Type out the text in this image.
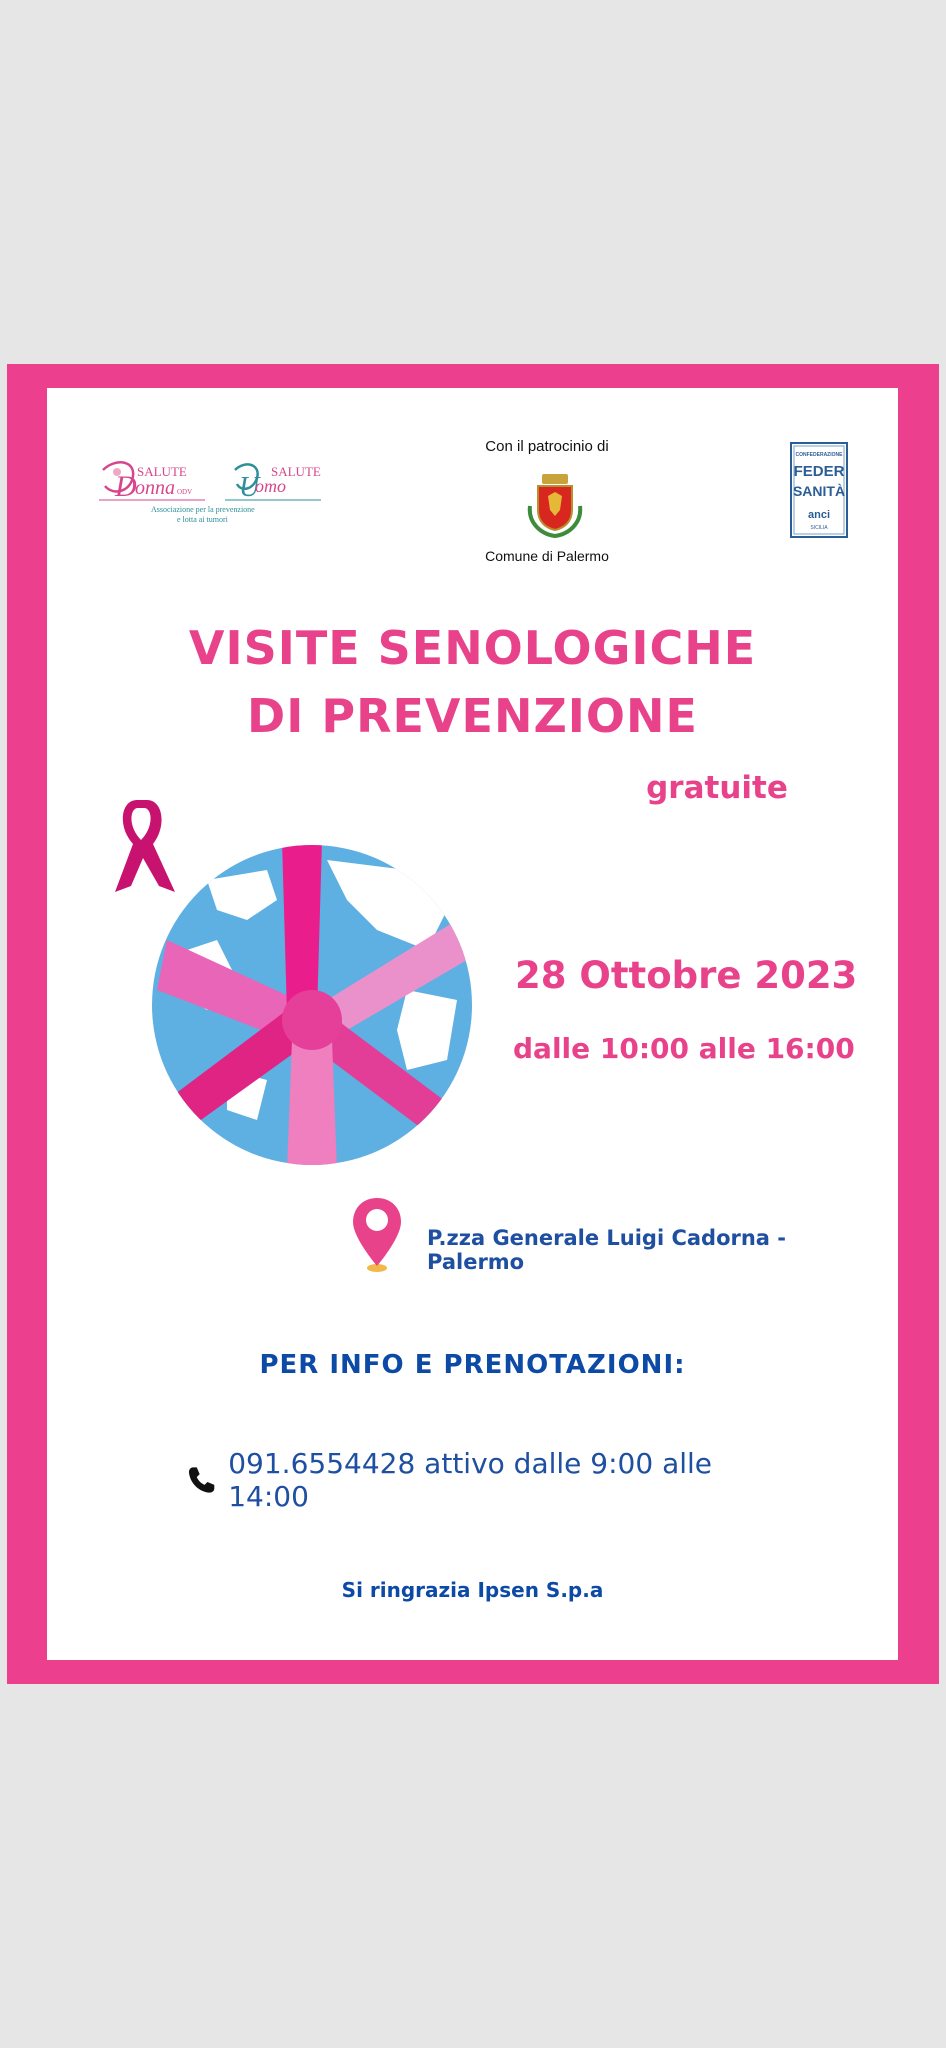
D SALUTE
onna ODV U
SALUTE
omo
Associazione per la prevenzione
e lotta ai tumori
Con il patrocinio di
Comune di Palermo
CONFEDERAZIONE
FEDER
SANITÀ
anci
SICILIA
VISITE SENOLOGICHE
DI PREVENZIONE
gratuite
28 Ottobre 2023
dalle 10:00 alle 16:00
P.zza Generale Luigi Cadorna - Palermo
PER INFO E PRENOTAZIONI:
091.6554428 attivo dalle 9:00 alle 14:00
Si ringrazia Ipsen S.p.a
